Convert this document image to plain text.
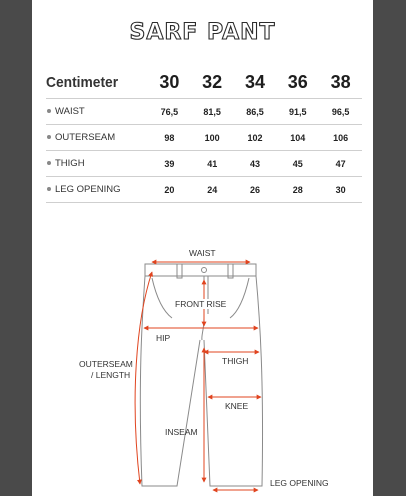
SARF PANT
Centimeter	30	32	34	36	38
WAIST	76,5	81,5	86,5	91,5	96,5
OUTERSEAM	98	100	102	104	106
THIGH	39	41	43	45	47
LEG OPENING	20	24	26	28	30
WAIST
FRONT RISE
HIP
THIGH
OUTERSEAM
/ LENGTH
KNEE
INSEAM
LEG OPENING
